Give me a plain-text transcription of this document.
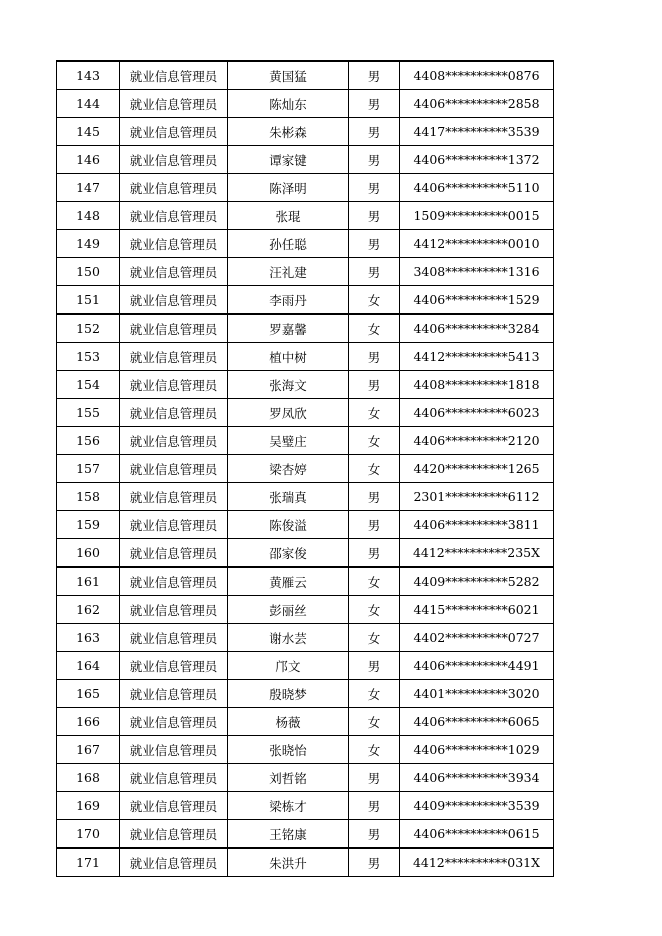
143	就业信息管理员	黄国猛	男	4408**********0876
144	就业信息管理员	陈灿东	男	4406**********2858
145	就业信息管理员	朱彬森	男	4417**********3539
146	就业信息管理员	谭家键	男	4406**********1372
147	就业信息管理员	陈泽明	男	4406**********5110
148	就业信息管理员	张琨	男	1509**********0015
149	就业信息管理员	孙任聪	男	4412**********0010
150	就业信息管理员	汪礼建	男	3408**********1316
151	就业信息管理员	李雨丹	女	4406**********1529
152	就业信息管理员	罗嘉馨	女	4406**********3284
153	就业信息管理员	植中树	男	4412**********5413
154	就业信息管理员	张海文	男	4408**********1818
155	就业信息管理员	罗凤欣	女	4406**********6023
156	就业信息管理员	吴璧庄	女	4406**********2120
157	就业信息管理员	梁杏婷	女	4420**********1265
158	就业信息管理员	张瑞真	男	2301**********6112
159	就业信息管理员	陈俊溢	男	4406**********3811
160	就业信息管理员	邵家俊	男	4412**********235X
161	就业信息管理员	黄雁云	女	4409**********5282
162	就业信息管理员	彭丽丝	女	4415**********6021
163	就业信息管理员	谢水芸	女	4402**********0727
164	就业信息管理员	邝文	男	4406**********4491
165	就业信息管理员	殷晓梦	女	4401**********3020
166	就业信息管理员	杨薇	女	4406**********6065
167	就业信息管理员	张晓怡	女	4406**********1029
168	就业信息管理员	刘哲铭	男	4406**********3934
169	就业信息管理员	梁栋才	男	4409**********3539
170	就业信息管理员	王铭康	男	4406**********0615
171	就业信息管理员	朱洪升	男	4412**********031X
